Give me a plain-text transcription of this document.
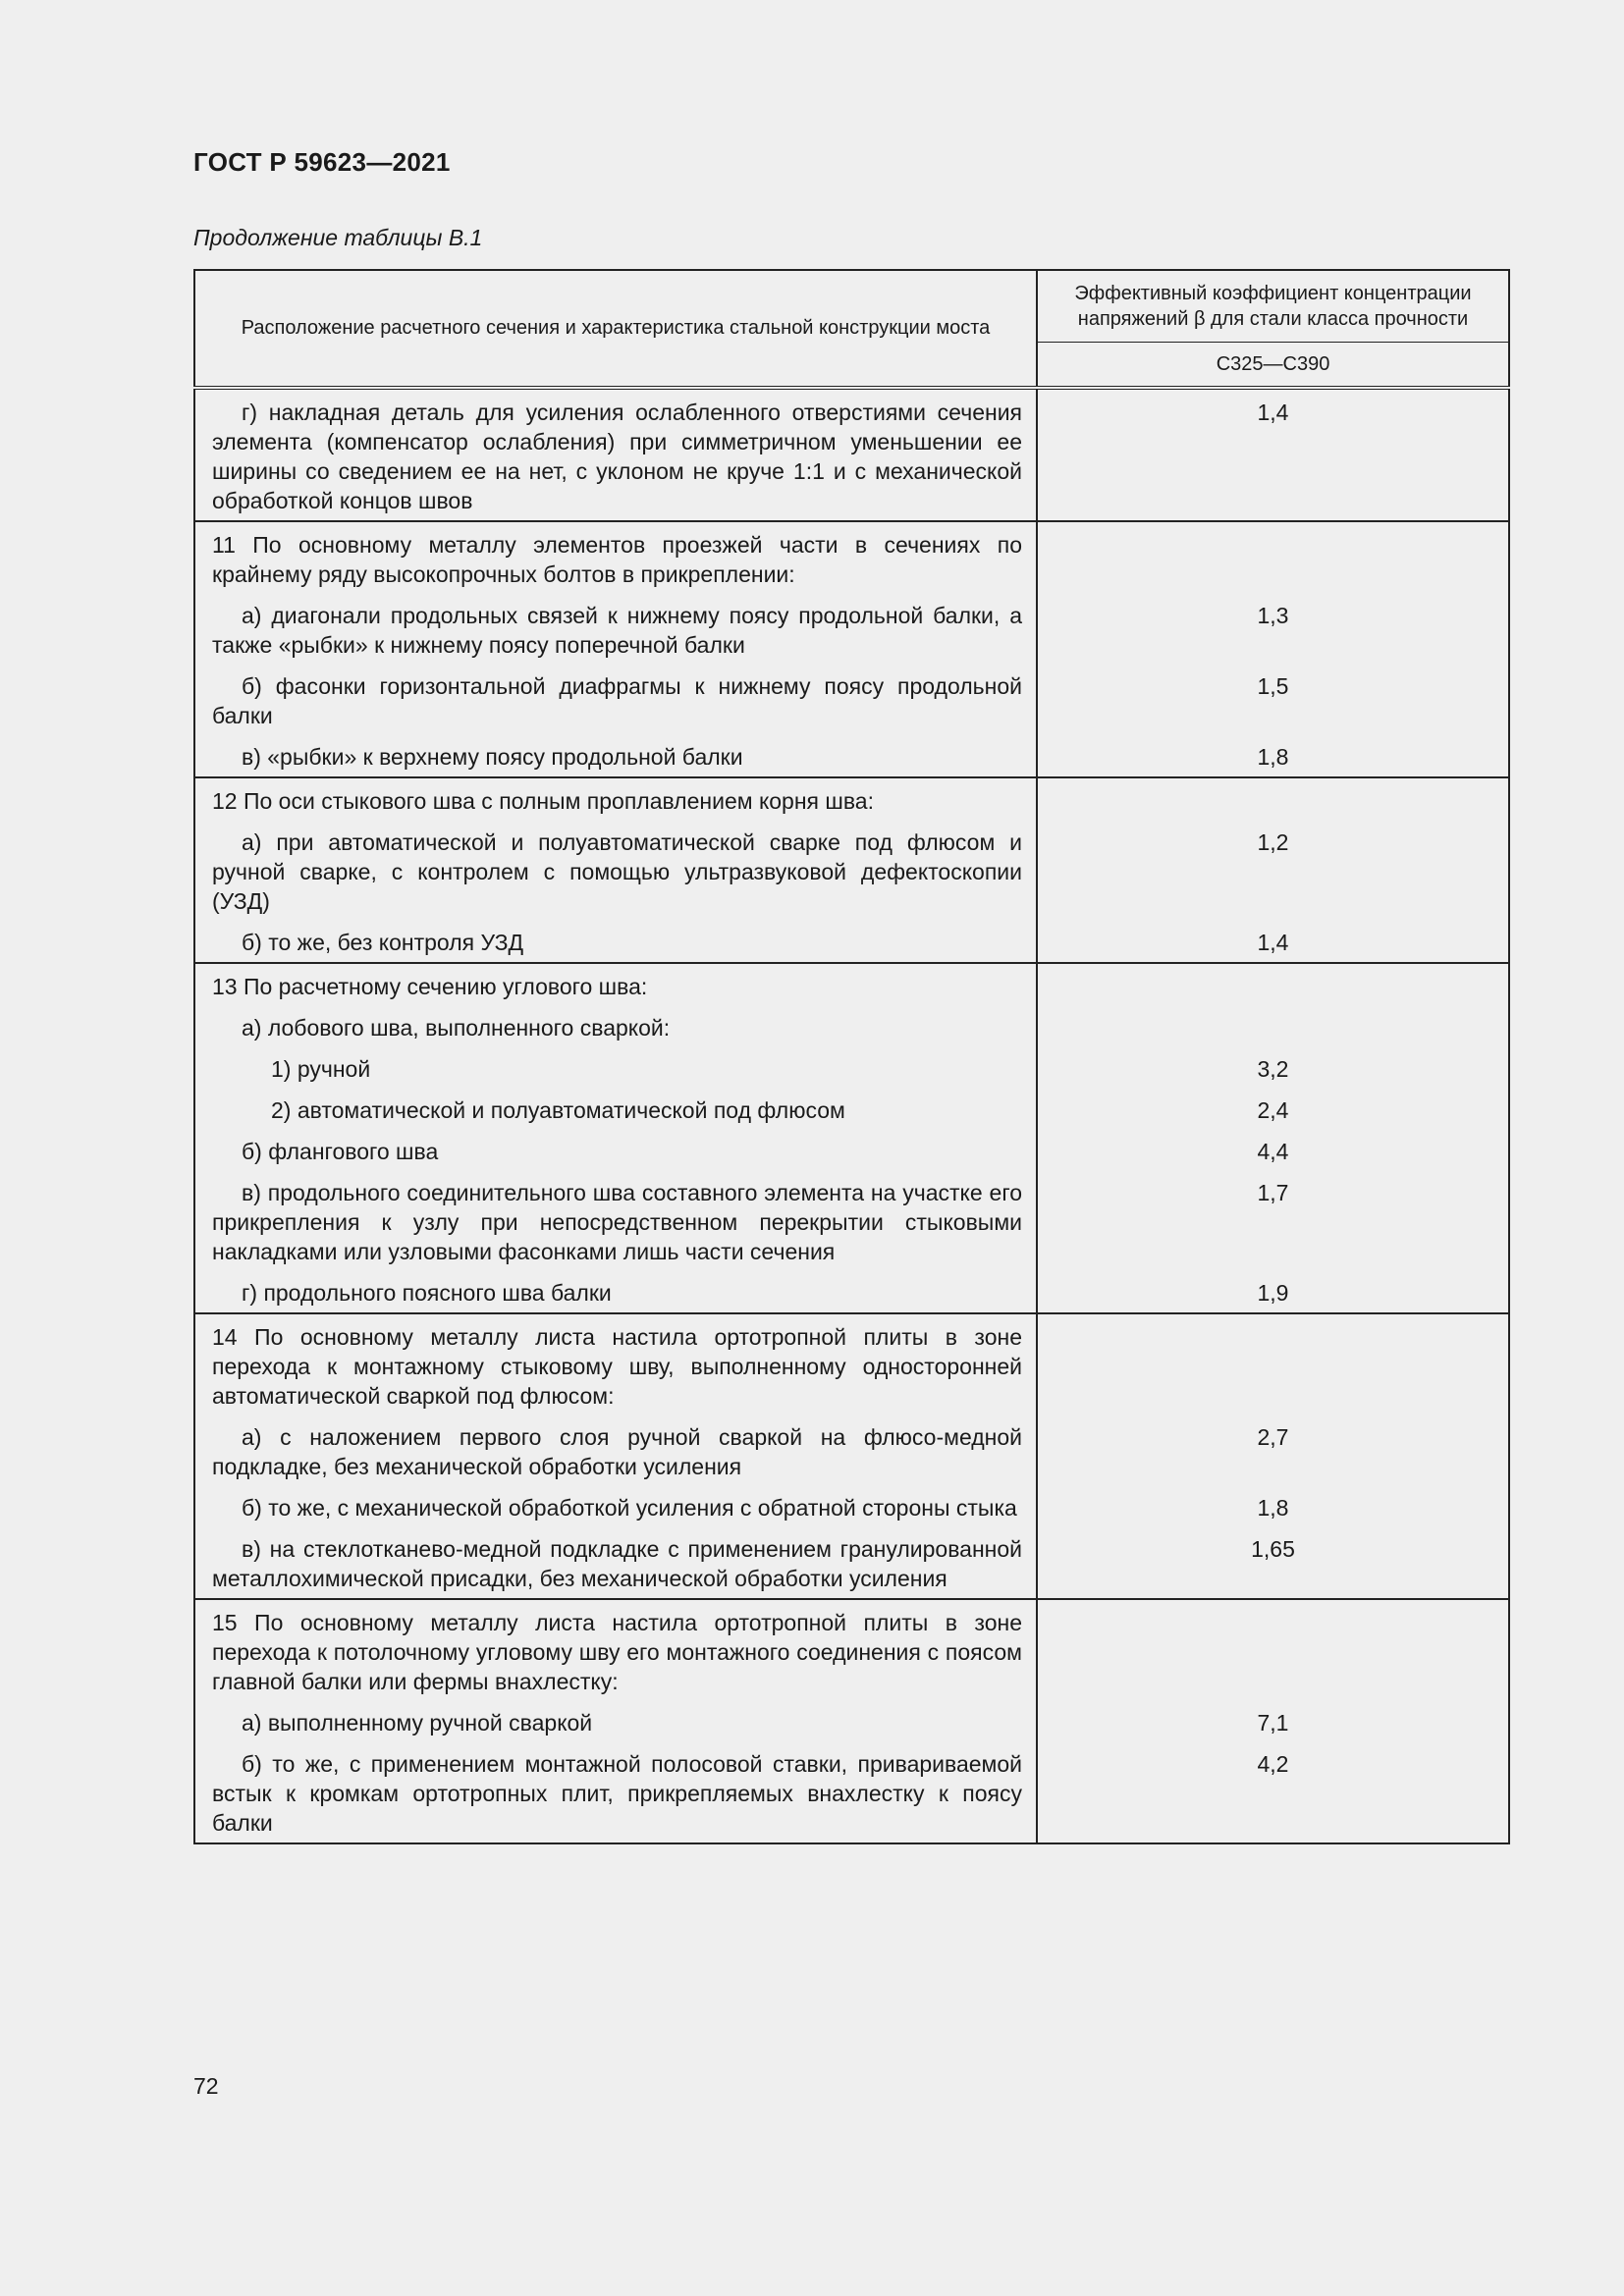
ГОСТ Р 59623—2021
Продолжение таблицы В.1
Расположение расчетного сечения и характеристика стальной конструкции моста	Эффективный коэффициент концентрации напряжений β для стали класса прочности
	С325—С390

г) накладная деталь для усиления ослабленного отверстиями сечения элемента (компенсатор ослабления) при симметричном уменьшении ее ширины со сведением ее на нет, с уклоном не круче 1:1 и с механической обработкой концов швов	1,4

11 По основному металлу элементов проезжей части в сечениях по крайнему ряду высокопрочных болтов в прикреплении:	

а) диагонали продольных связей к нижнему поясу продольной балки, а также «рыбки» к нижнему поясу поперечной балки	1,3

б) фасонки горизонтальной диафрагмы к нижнему поясу продольной балки	1,5

в) «рыбки» к верхнему поясу продольной балки	1,8

12 По оси стыкового шва с полным проплавлением корня шва:	

а) при автоматической и полуавтоматической сварке под флюсом и ручной сварке, с контролем с помощью ультразвуковой дефектоскопии (УЗД)	1,2

б) то же, без контроля УЗД	1,4

13 По расчетному сечению углового шва:	

а) лобового шва, выполненного сваркой:	

1) ручной	3,2

2) автоматической и полуавтоматической под флюсом	2,4

б) флангового шва	4,4

в) продольного соединительного шва составного элемента на участке его прикрепления к узлу при непосредственном перекрытии стыковыми накладками или узловыми фасонками лишь части сечения	1,7

г) продольного поясного шва балки	1,9

14 По основному металлу листа настила ортотропной плиты в зоне перехода к монтажному стыковому шву, выполненному односторонней автоматической сваркой под флюсом:	

а) с наложением первого слоя ручной сваркой на флюсо-медной подкладке, без механической обработки усиления	2,7

б) то же, с механической обработкой усиления с обратной стороны стыка	1,8

в) на стеклотканево-медной подкладке с применением гранулированной металлохимической присадки, без механической обработки усиления	1,65

15 По основному металлу листа настила ортотропной плиты в зоне перехода к потолочному угловому шву его монтажного соединения с поясом главной балки или фермы внахлестку:	

а) выполненному ручной сваркой	7,1

б) то же, с применением монтажной полосовой ставки, привариваемой встык к кромкам ортотропных плит, прикрепляемых внахлестку к поясу балки	4,2
72
